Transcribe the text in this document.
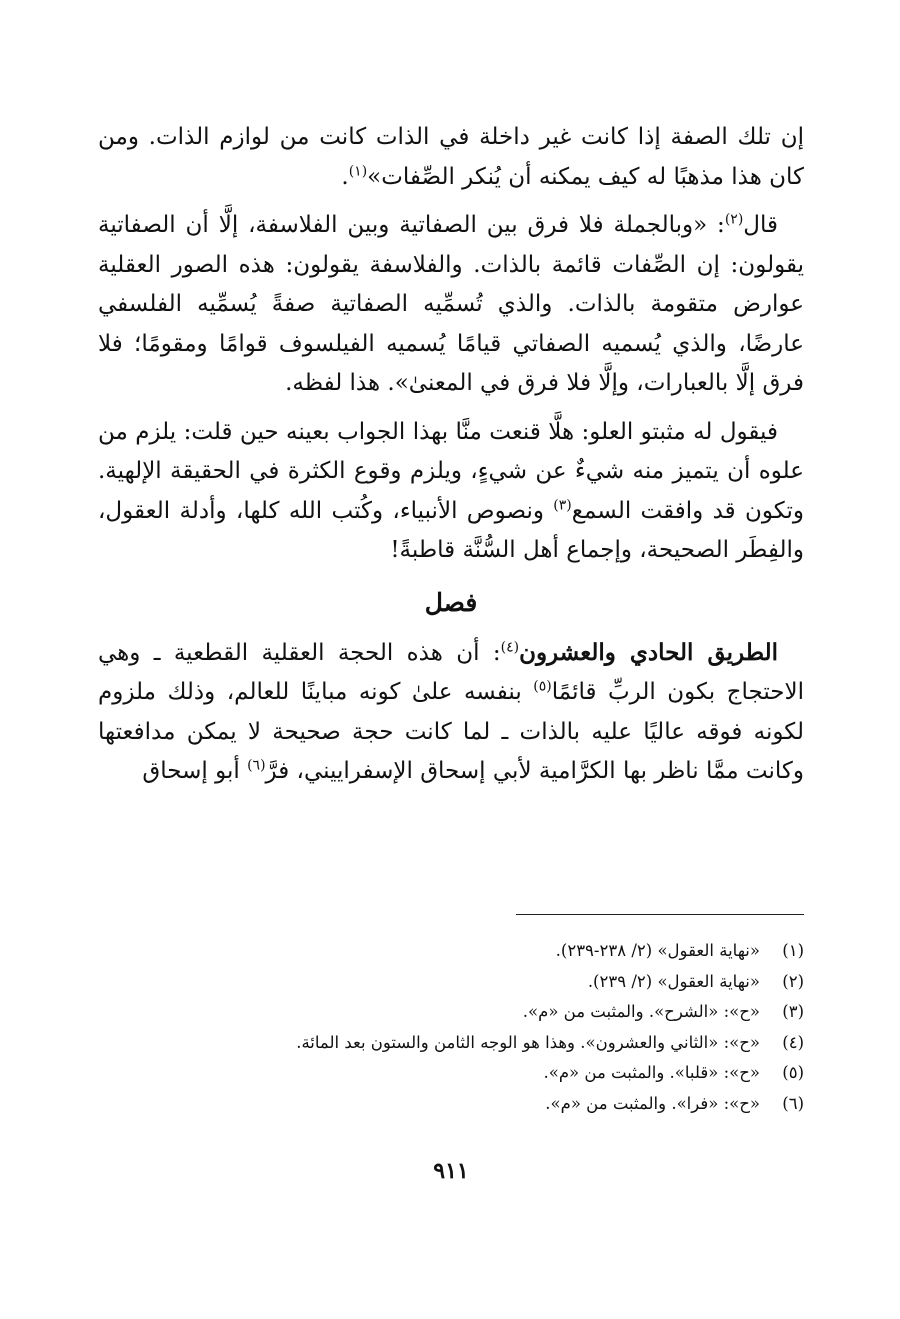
إن تلك الصفة إذا كانت غير داخلة في الذات كانت من لوازم الذات. ومن كان هذا مذهبًا له كيف يمكنه أن يُنكر الصِّفات»$^{(١)}$.

قال$^{(٢)}$: «وبالجملة فلا فرق بين الصفاتية وبين الفلاسفة، إلَّا أن الصفاتية يقولون: إن الصِّفات قائمة بالذات. والفلاسفة يقولون: هذه الصور العقلية عوارض متقومة بالذات. والذي تُسمِّيه الصفاتية صفةً يُسمِّيه الفلسفي عارضًا، والذي يُسميه الصفاتي قيامًا يُسميه الفيلسوف قوامًا ومقومًا؛ فلا فرق إلَّا بالعبارات، وإلَّا فلا فرق في المعنىٰ». هذا لفظه.

فيقول له مثبتو العلو: هلَّا قنعت منَّا بهذا الجواب بعينه حين قلت: يلزم من علوه أن يتميز منه شيءٌ عن شيءٍ، ويلزم وقوع الكثرة في الحقيقة الإلهية. وتكون قد وافقت السمع$^{(٣)}$ ونصوص الأنبياء، وكُتب الله كلها، وأدلة العقول، والفِطَر الصحيحة، وإجماع أهل السُّنَّة قاطبةً!

فصل

الطريق الحادي والعشرون$^{(٤)}$: أن هذه الحجة العقلية القطعية ـ وهي الاحتجاج بكون الربِّ قائمًا$^{(٥)}$ بنفسه علىٰ كونه مباينًا للعالم، وذلك ملزوم لكونه فوقه عاليًا عليه بالذات ـ لما كانت حجة صحيحة لا يمكن مدافعتها وكانت ممَّا ناظر بها الكرَّامية لأبي إسحاق الإسفراييني، فرَّ$^{(٦)}$ أبو إسحاق

(١)«نهاية العقول» (٢/ ٢٣٨-٢٣٩).
(٢)«نهاية العقول» (٢/ ٢٣٩).
(٣)«ح»: «الشرح». والمثبت من «م».
(٤)«ح»: «الثاني والعشرون». وهذا هو الوجه الثامن والستون بعد المائة.
(٥)«ح»: «قلبا». والمثبت من «م».
(٦)«ح»: «فرا». والمثبت من «م».
٩١١
